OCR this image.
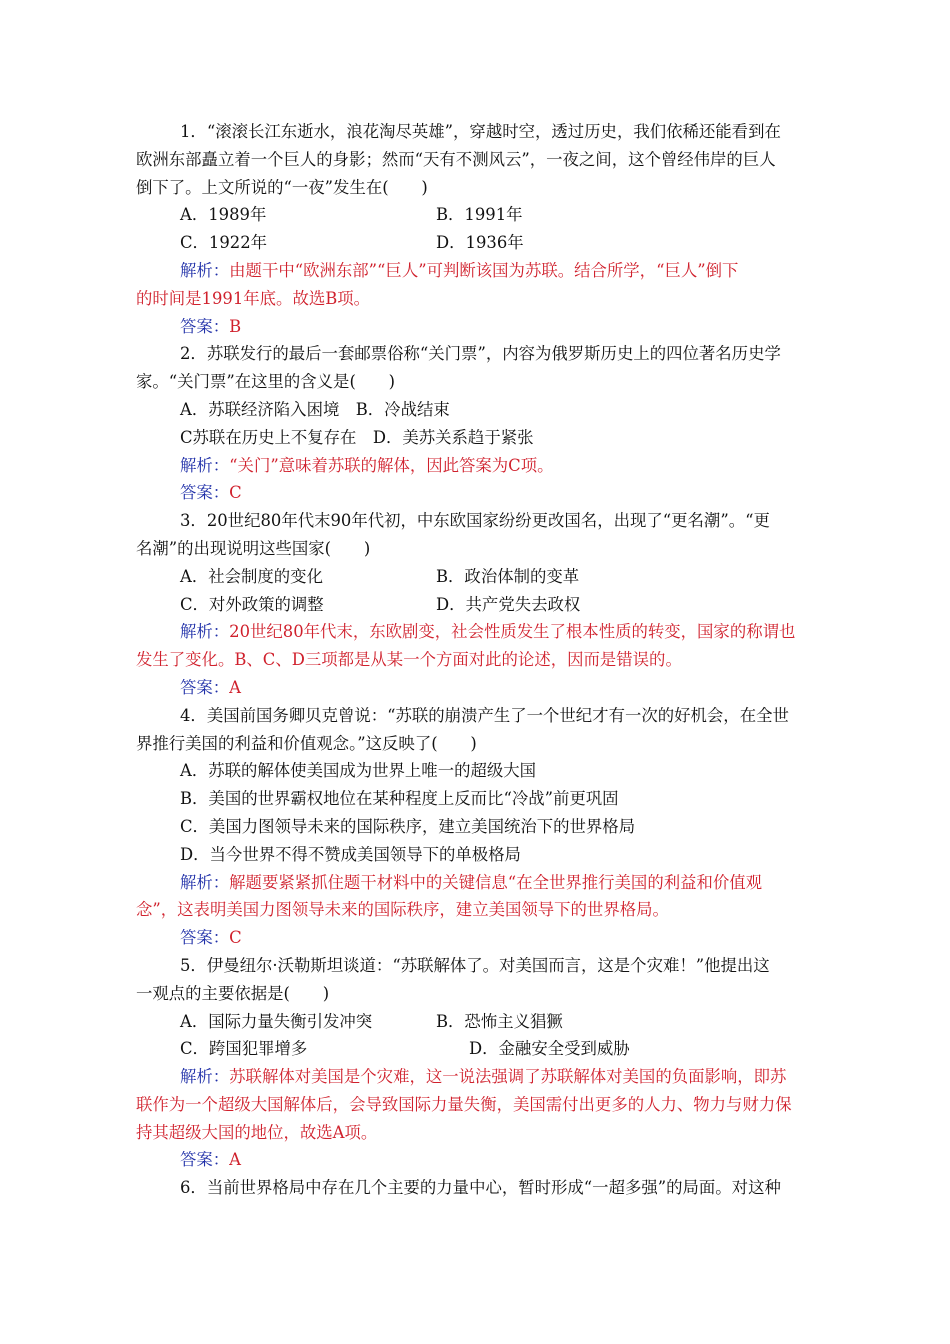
1．“滚滚长江东逝水，浪花淘尽英雄”，穿越时空，透过历史，我们依稀还能看到在
欧洲东部矗立着一个巨人的身影；然而“天有不测风云”，一夜之间，这个曾经伟岸的巨人
倒下了。上文所说的“一夜”发生在(　　)
A．1989年	B．1991年
C．1922年	D．1936年
解析：由题干中“欧洲东部”“巨人”可判断该国为苏联。结合所学，“巨人”倒下
的时间是1991年底。故选B项。
答案：B
2．苏联发行的最后一套邮票俗称“关门票”，内容为俄罗斯历史上的四位著名历史学
家。“关门票”在这里的含义是(　　)
A．苏联经济陷入困境　B．冷战结束
C苏联在历史上不复存在　D．美苏关系趋于紧张
解析：“关门”意味着苏联的解体，因此答案为C项。
答案：C
3．20世纪80年代末90年代初，中东欧国家纷纷更改国名，出现了“更名潮”。“更
名潮”的出现说明这些国家(　　)
A．社会制度的变化	B．政治体制的变革
C．对外政策的调整	D．共产党失去政权
解析：20世纪80年代末，东欧剧变，社会性质发生了根本性质的转变，国家的称谓也
发生了变化。B、C、D三项都是从某一个方面对此的论述，因而是错误的。
答案：A
4．美国前国务卿贝克曾说：“苏联的崩溃产生了一个世纪才有一次的好机会，在全世
界推行美国的利益和价值观念。”这反映了(　　)
A．苏联的解体使美国成为世界上唯一的超级大国
B．美国的世界霸权地位在某种程度上反而比“冷战”前更巩固
C．美国力图领导未来的国际秩序，建立美国统治下的世界格局
D．当今世界不得不赞成美国领导下的单极格局
解析：解题要紧紧抓住题干材料中的关键信息“在全世界推行美国的利益和价值观
念”，这表明美国力图领导未来的国际秩序，建立美国领导下的世界格局。
答案：C
5．伊曼纽尔·沃勒斯坦谈道：“苏联解体了。对美国而言，这是个灾难！”他提出这
一观点的主要依据是(　　)
A．国际力量失衡引发冲突	B．恐怖主义猖獗
C．跨国犯罪增多	D．金融安全受到威胁
解析：苏联解体对美国是个灾难，这一说法强调了苏联解体对美国的负面影响，即苏
联作为一个超级大国解体后，会导致国际力量失衡，美国需付出更多的人力、物力与财力保
持其超级大国的地位，故选A项。
答案：A
6．当前世界格局中存在几个主要的力量中心，暂时形成“一超多强”的局面。对这种
